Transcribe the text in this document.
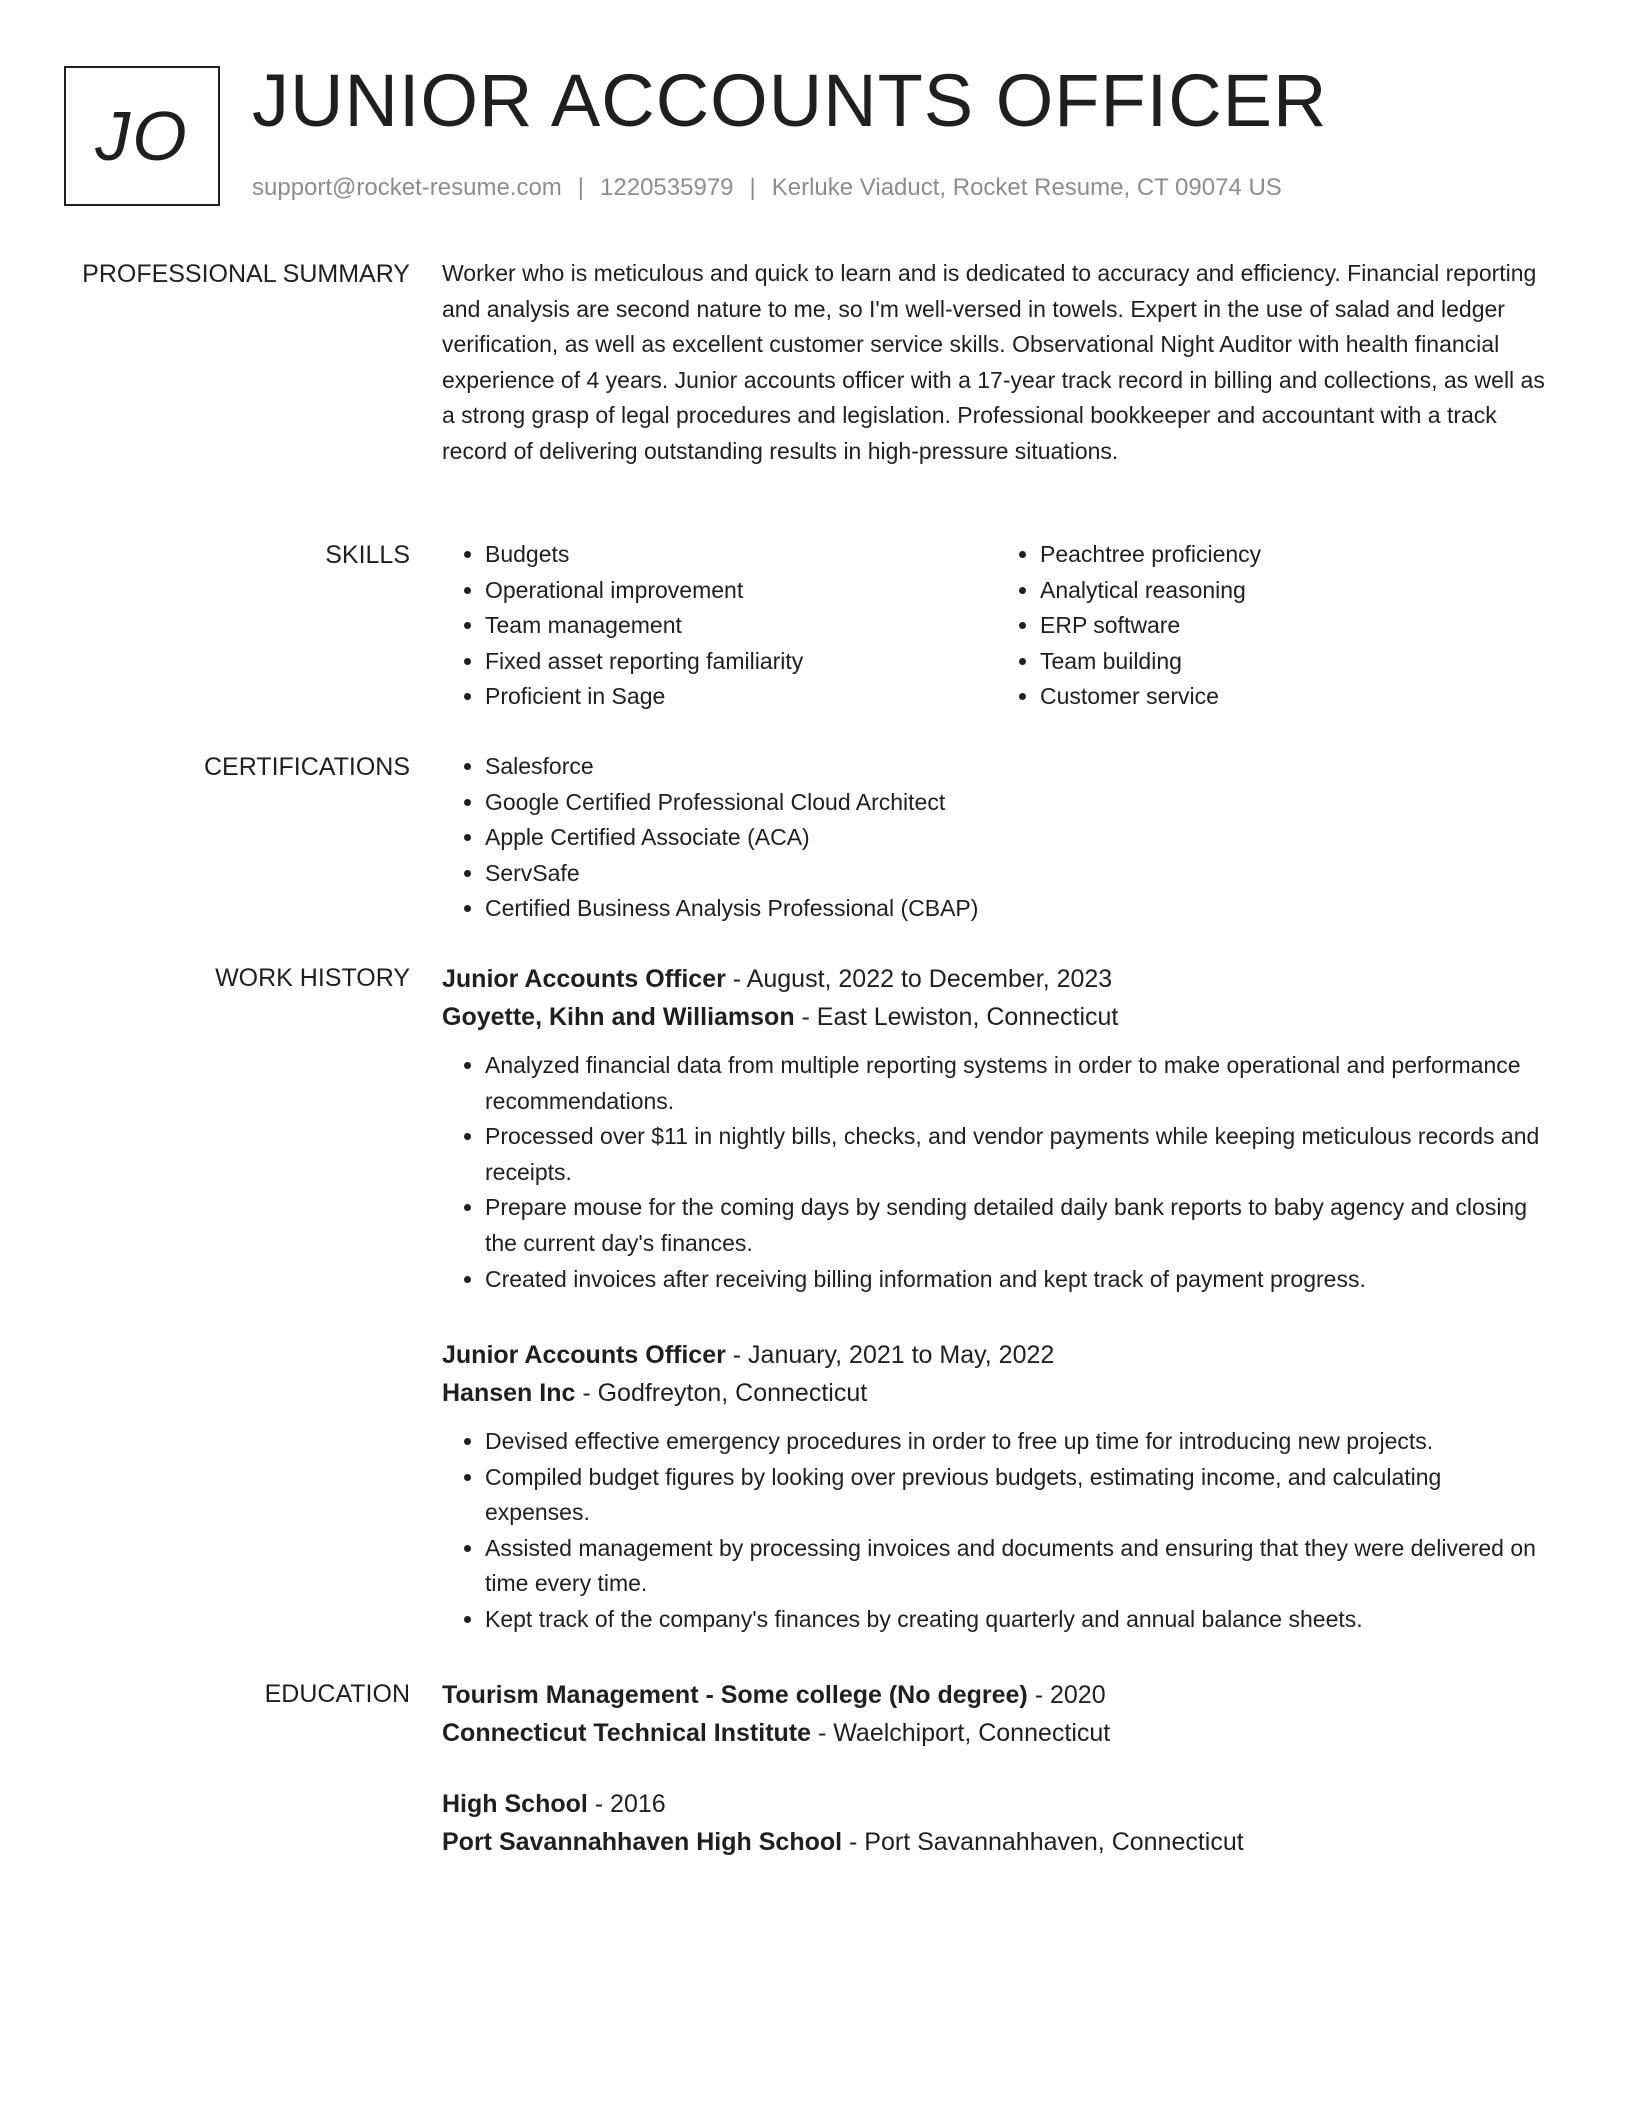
JO JUNIOR ACCOUNTS OFFICER
support@rocket-resume.com | 1220535979 | Kerluke Viaduct, Rocket Resume, CT 09074 US
PROFESSIONAL SUMMARY Worker who is meticulous and quick to learn and is dedicated to accuracy and efficiency. Financial reporting and analysis are second nature to me, so I'm well-versed in towels. Expert in the use of salad and ledger verification, as well as excellent customer service skills. Observational Night Auditor with health financial experience of 4 years. Junior accounts officer with a 17-year track record in billing and collections, as well as a strong grasp of legal procedures and legislation. Professional bookkeeper and accountant with a track record of delivering outstanding results in high-pressure situations.

SKILLS	• Budgets
• Operational improvement
• Team management
• Fixed asset reporting familiarity
• Proficient in Sage
• Peachtree proficiency
• Analytical reasoning
• ERP software
• Team building
• Customer service
CERTIFICATIONS	• Salesforce
• Google Certified Professional Cloud Architect
• Apple Certified Associate (ACA)
• ServSafe
• Certified Business Analysis Professional (CBAP)
WORK HISTORY Junior Accounts Officer - August, 2022 to December, 2023

Goyette, Kihn and Williamson - East Lewiston, Connecticut

• Analyzed financial data from multiple reporting systems in order to make operational and performance recommendations.
• Processed over $11 in nightly bills, checks, and vendor payments while keeping meticulous records and receipts.
• Prepare mouse for the coming days by sending detailed daily bank reports to baby agency and closing the current day's finances.
• Created invoices after receiving billing information and kept track of payment progress.

Junior Accounts Officer - January, 2021 to May, 2022

Hansen Inc - Godfreyton, Connecticut

• Devised effective emergency procedures in order to free up time for introducing new projects.
• Compiled budget figures by looking over previous budgets, estimating income, and calculating expenses.
• Assisted management by processing invoices and documents and ensuring that they were delivered on time every time.
• Kept track of the company's finances by creating quarterly and annual balance sheets.
EDUCATION Tourism Management - Some college (No degree) - 2020

Connecticut Technical Institute - Waelchiport, Connecticut

High School - 2016

Port Savannahhaven High School - Port Savannahhaven, Connecticut
